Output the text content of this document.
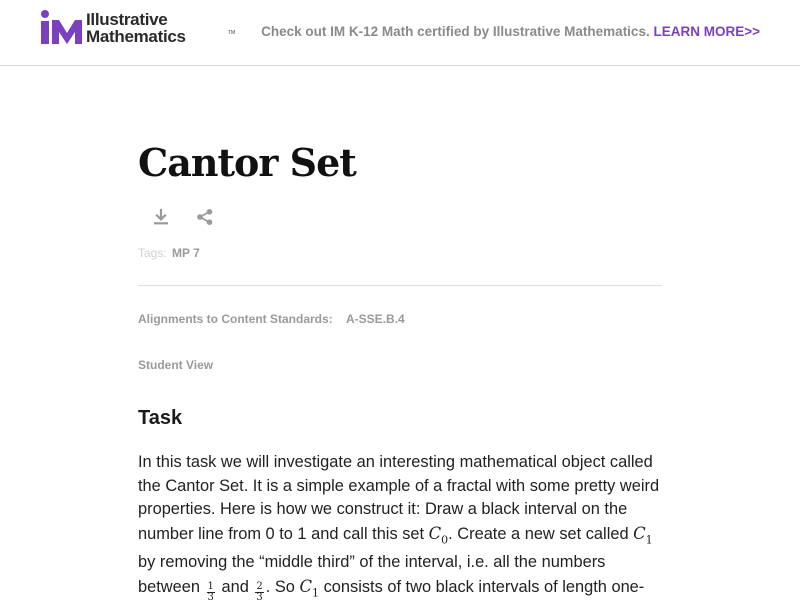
Illustrative
Mathematics	TM Check out IM K-12 Math certified by Illustrative Mathematics. LEARN MORE>>
Cantor Set
Tags: MP 7
Alignments to Content Standards: A-SSE.B.4
Student View
Task

In this task we will investigate an interesting mathematical object called the Cantor Set. It is a simple example of a fractal with some pretty weird properties. Here is how we construct it: Draw a black interval on the number line from 0 to 1 and call this set $C_0$. Create a new set called $C_1$ by removing the “middle third” of the interval, i.e. all the numbers between $\frac{1}{3}$ and $\frac{2}{3}$ . So $C_1$ consists of two black intervals of length one-
